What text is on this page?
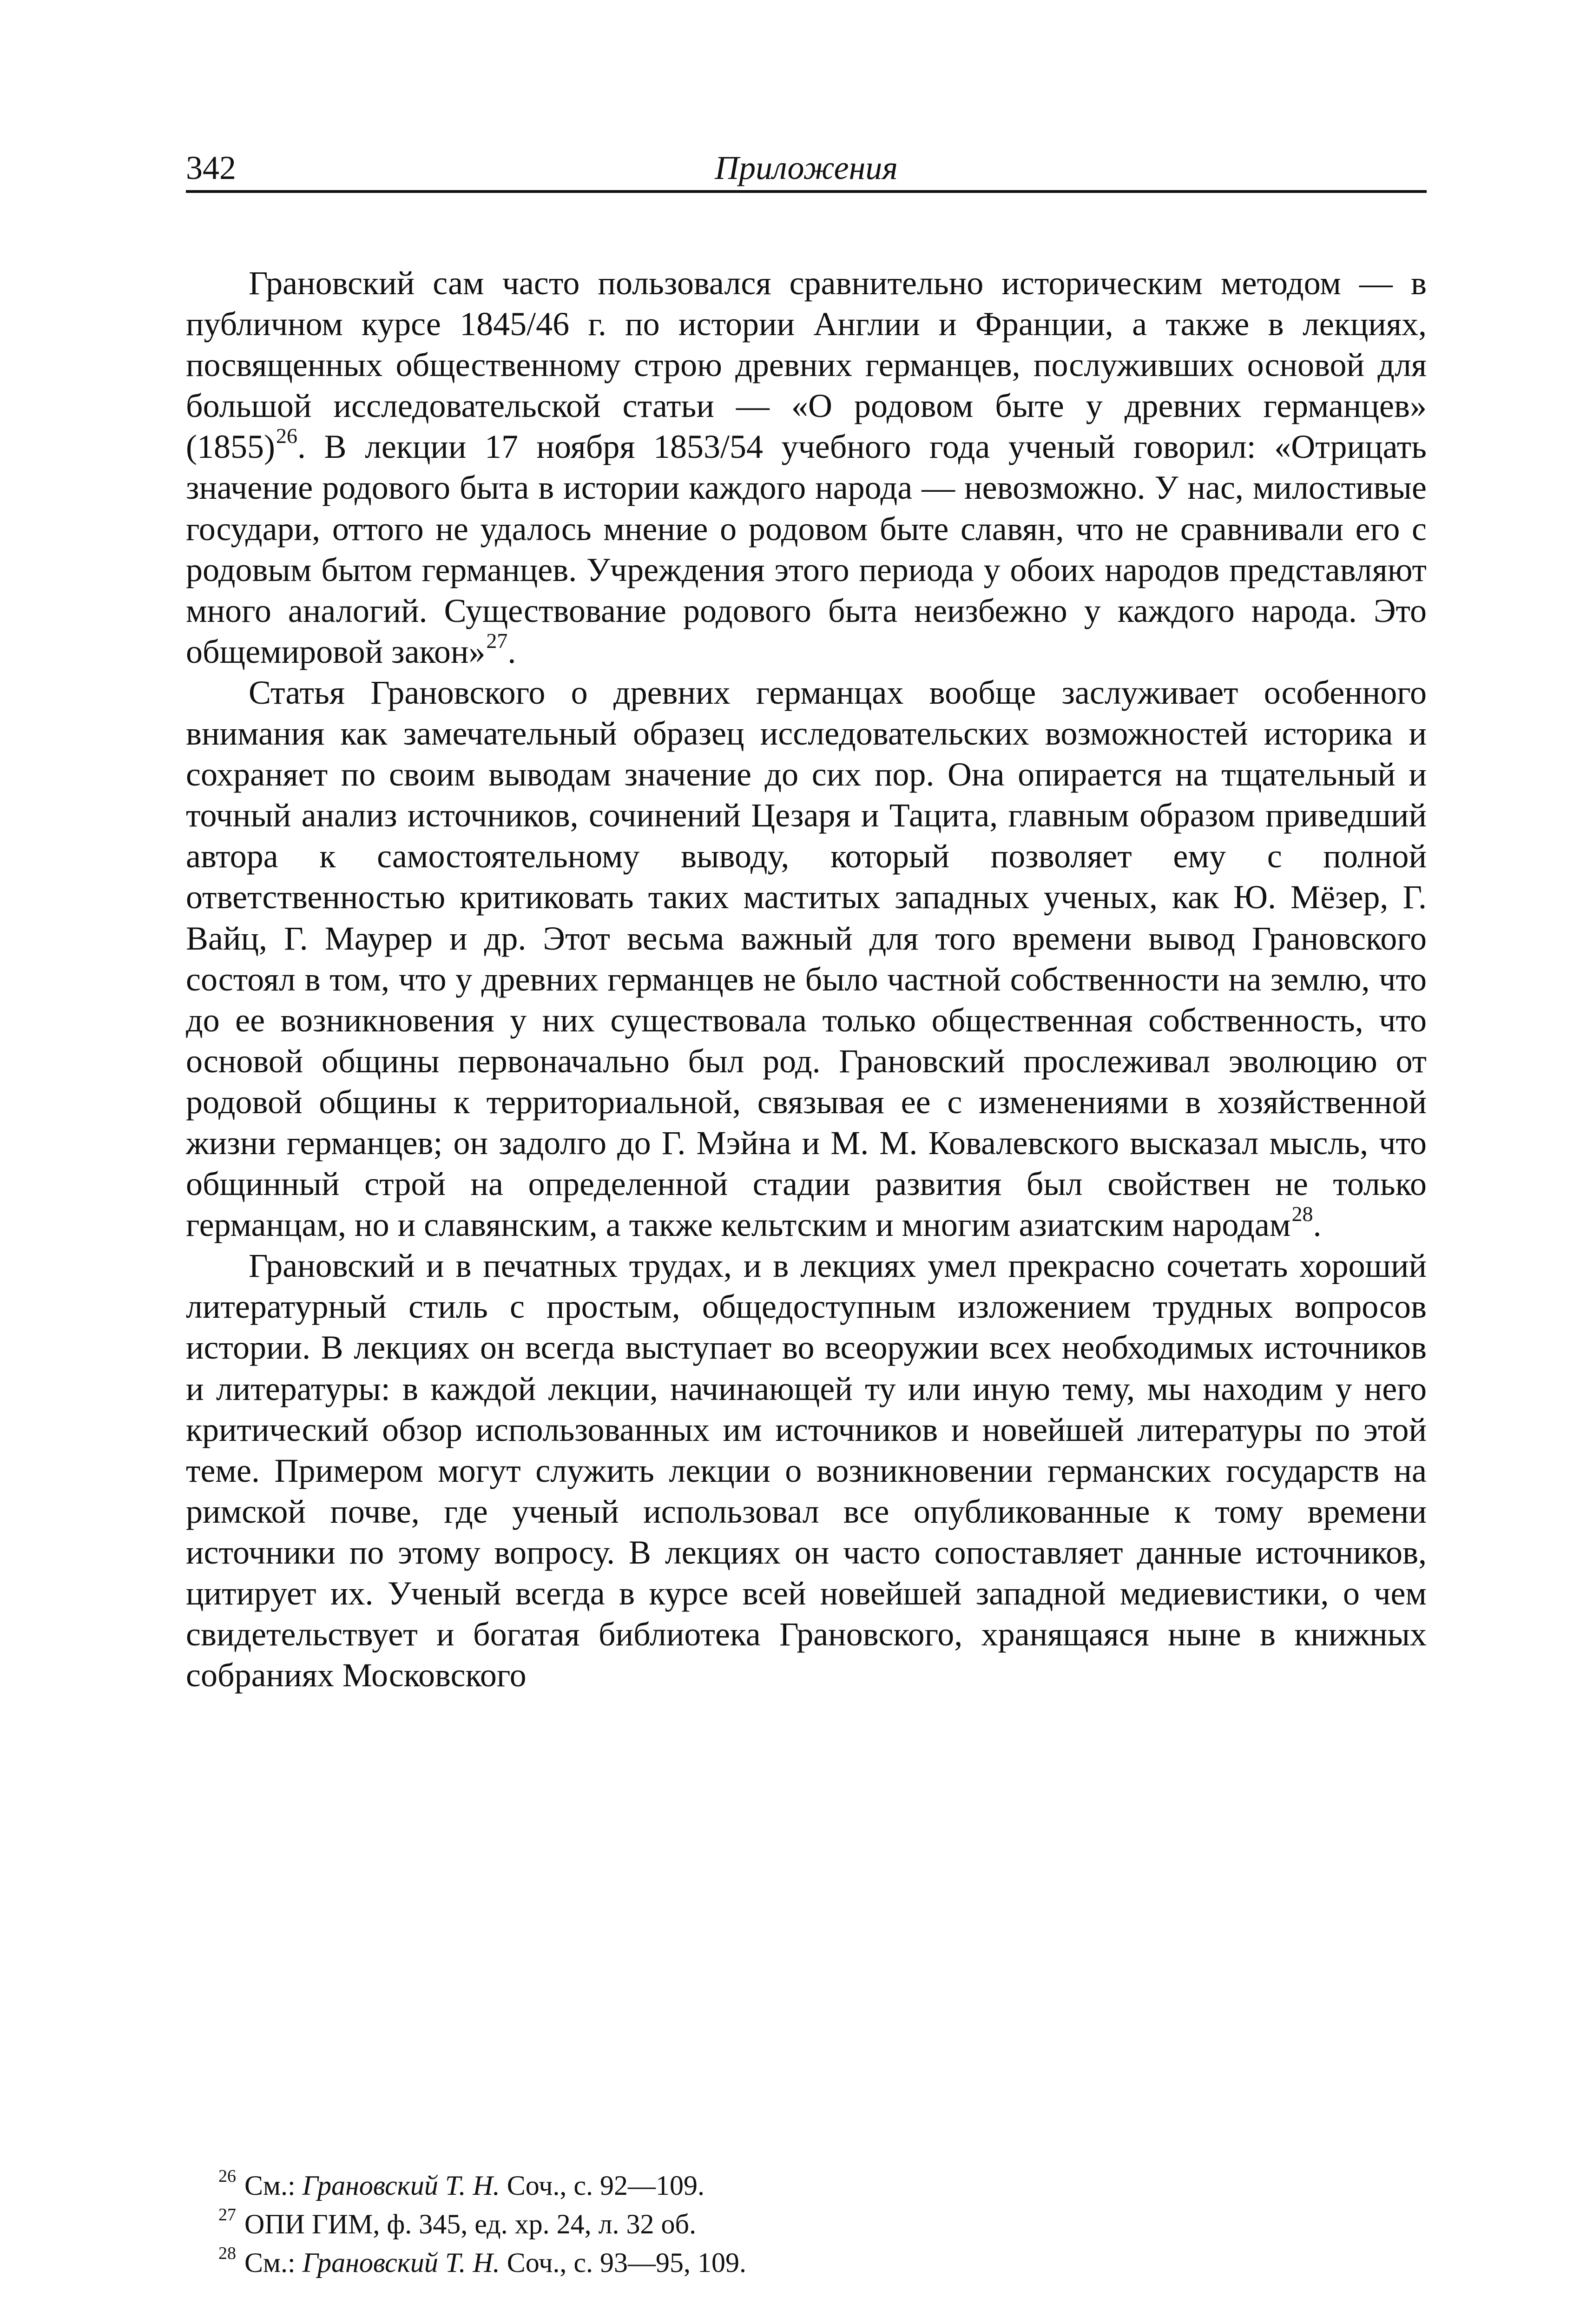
342	Приложения

Грановский сам часто пользовался сравнительно историческим методом — в публичном курсе 1845/46 г. по истории Англии и Франции, а также в лекциях, посвященных общественному строю древних германцев, послуживших основой для большой исследовательской статьи — «О родовом быте у древних германцев» (1855)$^{26}$. В лекции 17 ноября 1853/54 учебного года ученый говорил: «Отрицать значение родового быта в истории каждого народа — невозможно. У нас, милостивые государи, оттого не удалось мнение о родовом быте славян, что не сравнивали его с родовым бытом германцев. Учреждения этого периода у обоих народов представляют много аналогий. Существование родового быта неизбежно у каждого народа. Это общемировой закон»$^{27}$.

Статья Грановского о древних германцах вообще заслуживает особенного внимания как замечательный образец исследовательских возможностей историка и сохраняет по своим выводам значение до сих пор. Она опирается на тщательный и точный анализ источников, сочинений Цезаря и Тацита, главным образом приведший автора к самостоятельному выводу, который позволяет ему с полной ответственностью критиковать таких маститых западных ученых, как Ю. Мёзер, Г. Вайц, Г. Маурер и др. Этот весьма важный для того времени вывод Грановского состоял в том, что у древних германцев не было частной собственности на землю, что до ее возникновения у них существовала только общественная собственность, что основой общины первоначально был род. Грановский прослеживал эволюцию от родовой общины к территориальной, связывая ее с изменениями в хозяйственной жизни германцев; он задолго до Г. Мэйна и М. М. Ковалевского высказал мысль, что общинный строй на определенной стадии развития был свойствен не только германцам, но и славянским, а также кельтским и многим азиатским народам$^{28}$.

Грановский и в печатных трудах, и в лекциях умел прекрасно сочетать хороший литературный стиль с простым, общедоступным изложением трудных вопросов истории. В лекциях он всегда выступает во всеоружии всех необходимых источников и литературы: в каждой лекции, начинающей ту или иную тему, мы находим у него критический обзор использованных им источников и новейшей литературы по этой теме. Примером могут служить лекции о возникновении германских государств на римской почве, где ученый использовал все опубликованные к тому времени источники по этому вопросу. В лекциях он часто сопоставляет данные источников, цитирует их. Ученый всегда в курсе всей новейшей западной медиевистики, о чем свидетельствует и богатая библиотека Грановского, хранящаяся ныне в книжных собраниях Московского

$^{26}$ См.: Грановский Т. Н. Соч., с. 92—109.

$^{27}$ ОПИ ГИМ, ф. 345, ед. хр. 24, л. 32 об.

$^{28}$ См.: Грановский Т. Н. Соч., с. 93—95, 109.
